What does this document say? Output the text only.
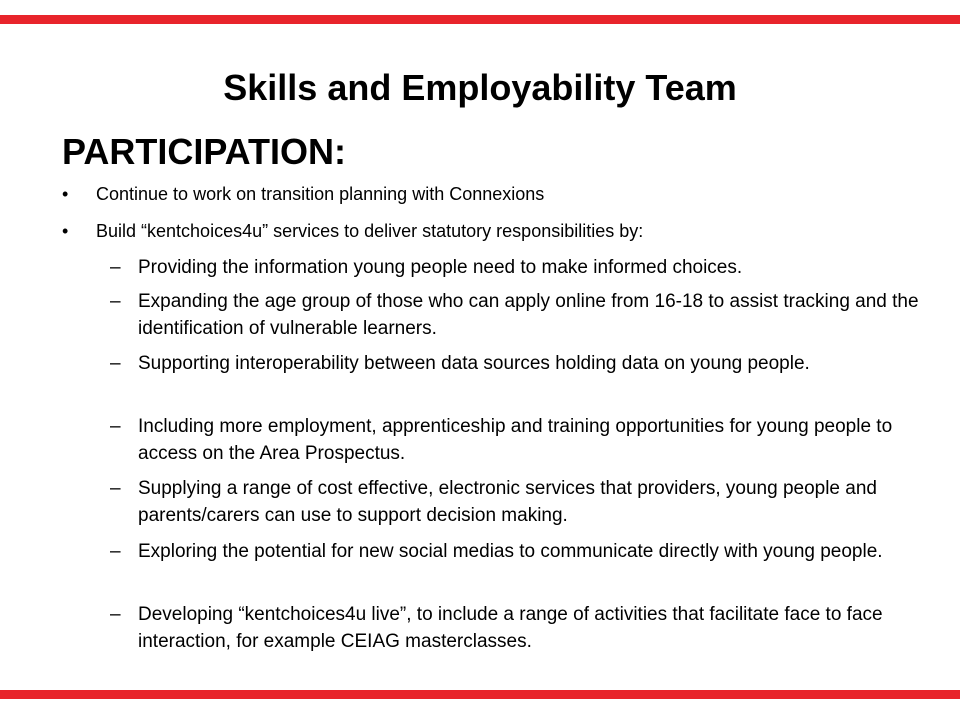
Skills and Employability Team
PARTICIPATION:
• Continue to work on transition planning with Connexions
• Build “kentchoices4u” services to deliver statutory responsibilities by:
– Providing the information young people need to make informed choices.
– Expanding the age group of those who can apply online from 16-18 to assist tracking and the identification of vulnerable learners.
– Supporting interoperability between data sources holding data on young people.
– Including more employment, apprenticeship and training opportunities for young people to access on the Area Prospectus.
– Supplying a range of cost effective, electronic services that providers, young people and parents/carers can use to support decision making.
– Exploring the potential for new social medias to communicate directly with young people.
– Developing “kentchoices4u live”, to include a range of activities that facilitate face to face interaction, for example CEIAG masterclasses.
